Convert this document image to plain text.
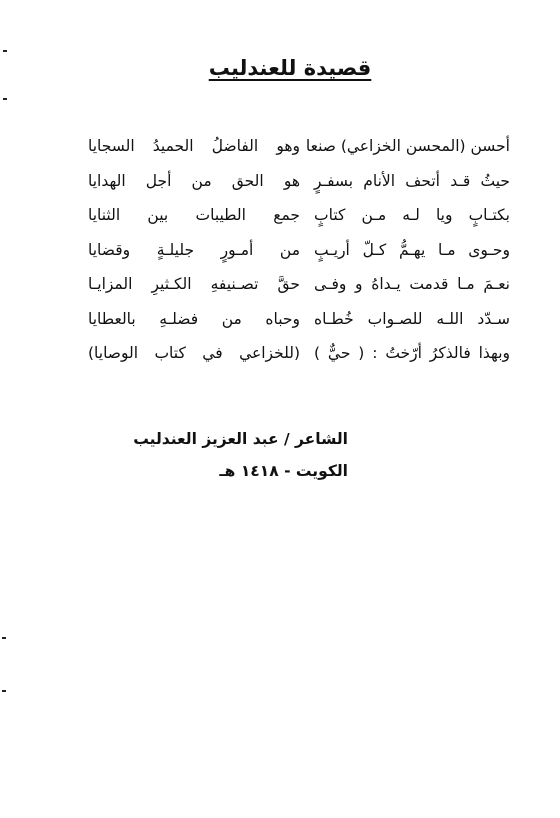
قصيدة للعندليب
أحسن (المحسن الخزاعي) صنعا
وهو الفاضلُ الحميدُ السجايا
حيثُ قـد أتحف الأنام بسفـرٍ
هو الحق من أجل الهدايا
بكتـابٍ ويا لـه مـن كتابٍ
جمع الطيبات بين الثنايا
وحـوى مـا يهـمُّ كـلّ أريـبٍ
من أمـورٍ جليلـةٍ وقضايا
نعـمَ مـا قدمت يـداهُ و وفـى
حقَّ تصـنيفهِ الكـثيرِ المزايـا
سـدّد اللـه للصـواب خُطـاه
وحباه من فضلـهِ بالعطايا
وبهذا فالذكرُ أرّختُ : ( حيٌّ )
(للخزاعي في كتاب الوصايا)
الشاعر / عبد العزيز العندليب
الكويت - ١٤١٨ هـ
